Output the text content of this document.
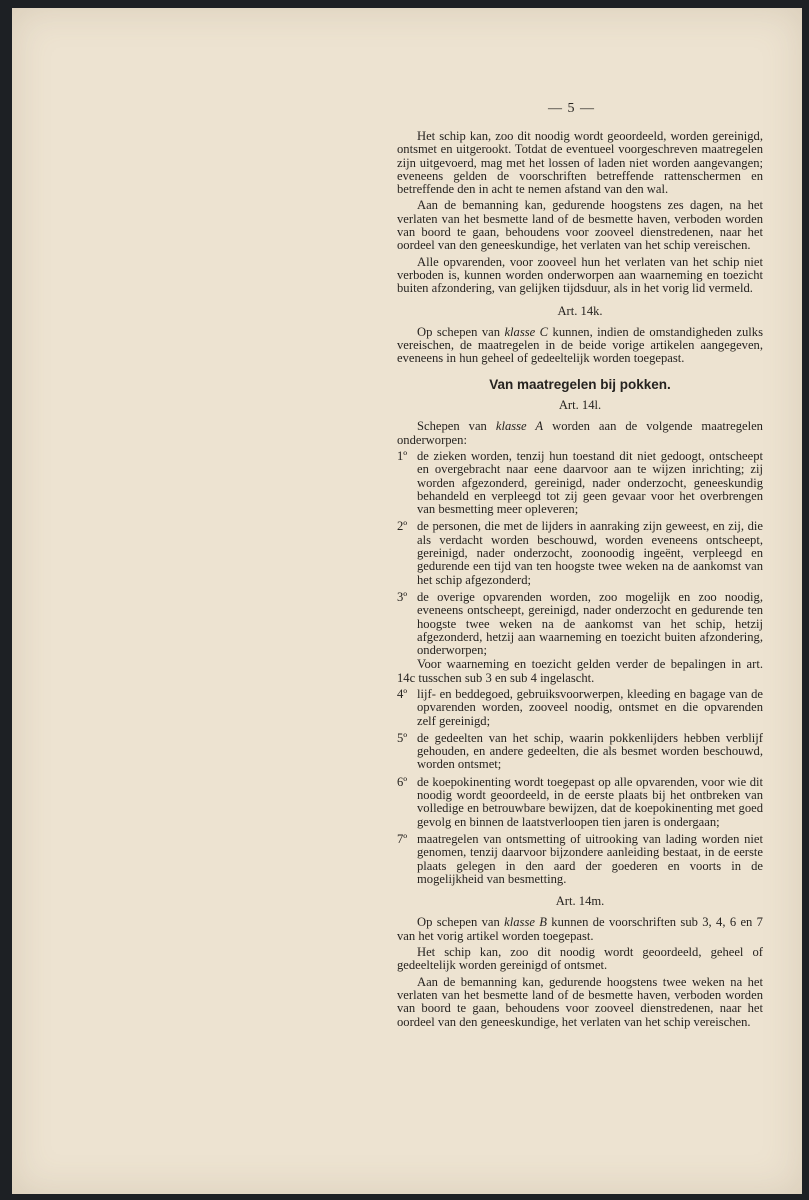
— 5 —

Het schip kan, zoo dit noodig wordt geoordeeld, worden gereinigd, ontsmet en uitgerookt. Totdat de eventueel voorgeschreven maatregelen zijn uitgevoerd, mag met het lossen of laden niet worden aangevangen; eveneens gelden de voorschriften betreffende rattenschermen en betreffende den in acht te nemen afstand van den wal.

Aan de bemanning kan, gedurende hoogstens zes dagen, na het verlaten van het besmette land of de besmette haven, verboden worden van boord te gaan, behoudens voor zooveel dienstredenen, naar het oordeel van den geneeskundige, het verlaten van het schip vereischen.

Alle opvarenden, voor zooveel hun het verlaten van het schip niet verboden is, kunnen worden onderworpen aan waarneming en toezicht buiten afzondering, van gelijken tijdsduur, als in het vorig lid vermeld.

Art. 14k.

Op schepen van klasse C kunnen, indien de omstandigheden zulks vereischen, de maatregelen in de beide vorige artikelen aangegeven, eveneens in hun geheel of gedeeltelijk worden toegepast.

Van maatregelen bij pokken.
Art. 14l.

Schepen van klasse A worden aan de volgende maatregelen onderworpen:

1º de zieken worden, tenzij hun toestand dit niet gedoogt, ontscheept en overgebracht naar eene daarvoor aan te wijzen inrichting; zij worden afgezonderd, gereinigd, nader onderzocht, geneeskundig behandeld en verpleegd tot zij geen gevaar voor het overbrengen van besmetting meer opleveren;
2º de personen, die met de lijders in aanraking zijn geweest, en zij, die als verdacht worden beschouwd, worden eveneens ontscheept, gereinigd, nader onderzocht, zoonoodig ingeënt, verpleegd en gedurende een tijd van ten hoogste twee weken na de aankomst van het schip afgezonderd;
3º de overige opvarenden worden, zoo mogelijk en zoo noodig, eveneens ontscheept, gereinigd, nader onderzocht en gedurende ten hoogste twee weken na de aankomst van het schip, hetzij afgezonderd, hetzij aan waarneming en toezicht buiten afzondering, onderworpen;

Voor waarneming en toezicht gelden verder de bepalingen in art. 14c tusschen sub 3 en sub 4 ingelascht.

4º lijf- en beddegoed, gebruiksvoorwerpen, kleeding en bagage van de opvarenden worden, zooveel noodig, ontsmet en die opvarenden zelf gereinigd;
5º de gedeelten van het schip, waarin pokkenlijders hebben verblijf gehouden, en andere gedeelten, die als besmet worden beschouwd, worden ontsmet;
6º de koepokinenting wordt toegepast op alle opvarenden, voor wie dit noodig wordt geoordeeld, in de eerste plaats bij het ontbreken van volledige en betrouwbare bewijzen, dat de koepokinenting met goed gevolg en binnen de laatstverloopen tien jaren is ondergaan;
7º maatregelen van ontsmetting of uitrooking van lading worden niet genomen, tenzij daarvoor bijzondere aanleiding bestaat, in de eerste plaats gelegen in den aard der goederen en voorts in de mogelijkheid van besmetting.
Art. 14m.

Op schepen van klasse B kunnen de voorschriften sub 3, 4, 6 en 7 van het vorig artikel worden toegepast.

Het schip kan, zoo dit noodig wordt geoordeeld, geheel of gedeeltelijk worden gereinigd of ontsmet.

Aan de bemanning kan, gedurende hoogstens twee weken na het verlaten van het besmette land of de besmette haven, verboden worden van boord te gaan, behoudens voor zooveel dienstredenen, naar het oordeel van den geneeskundige, het verlaten van het schip vereischen.
